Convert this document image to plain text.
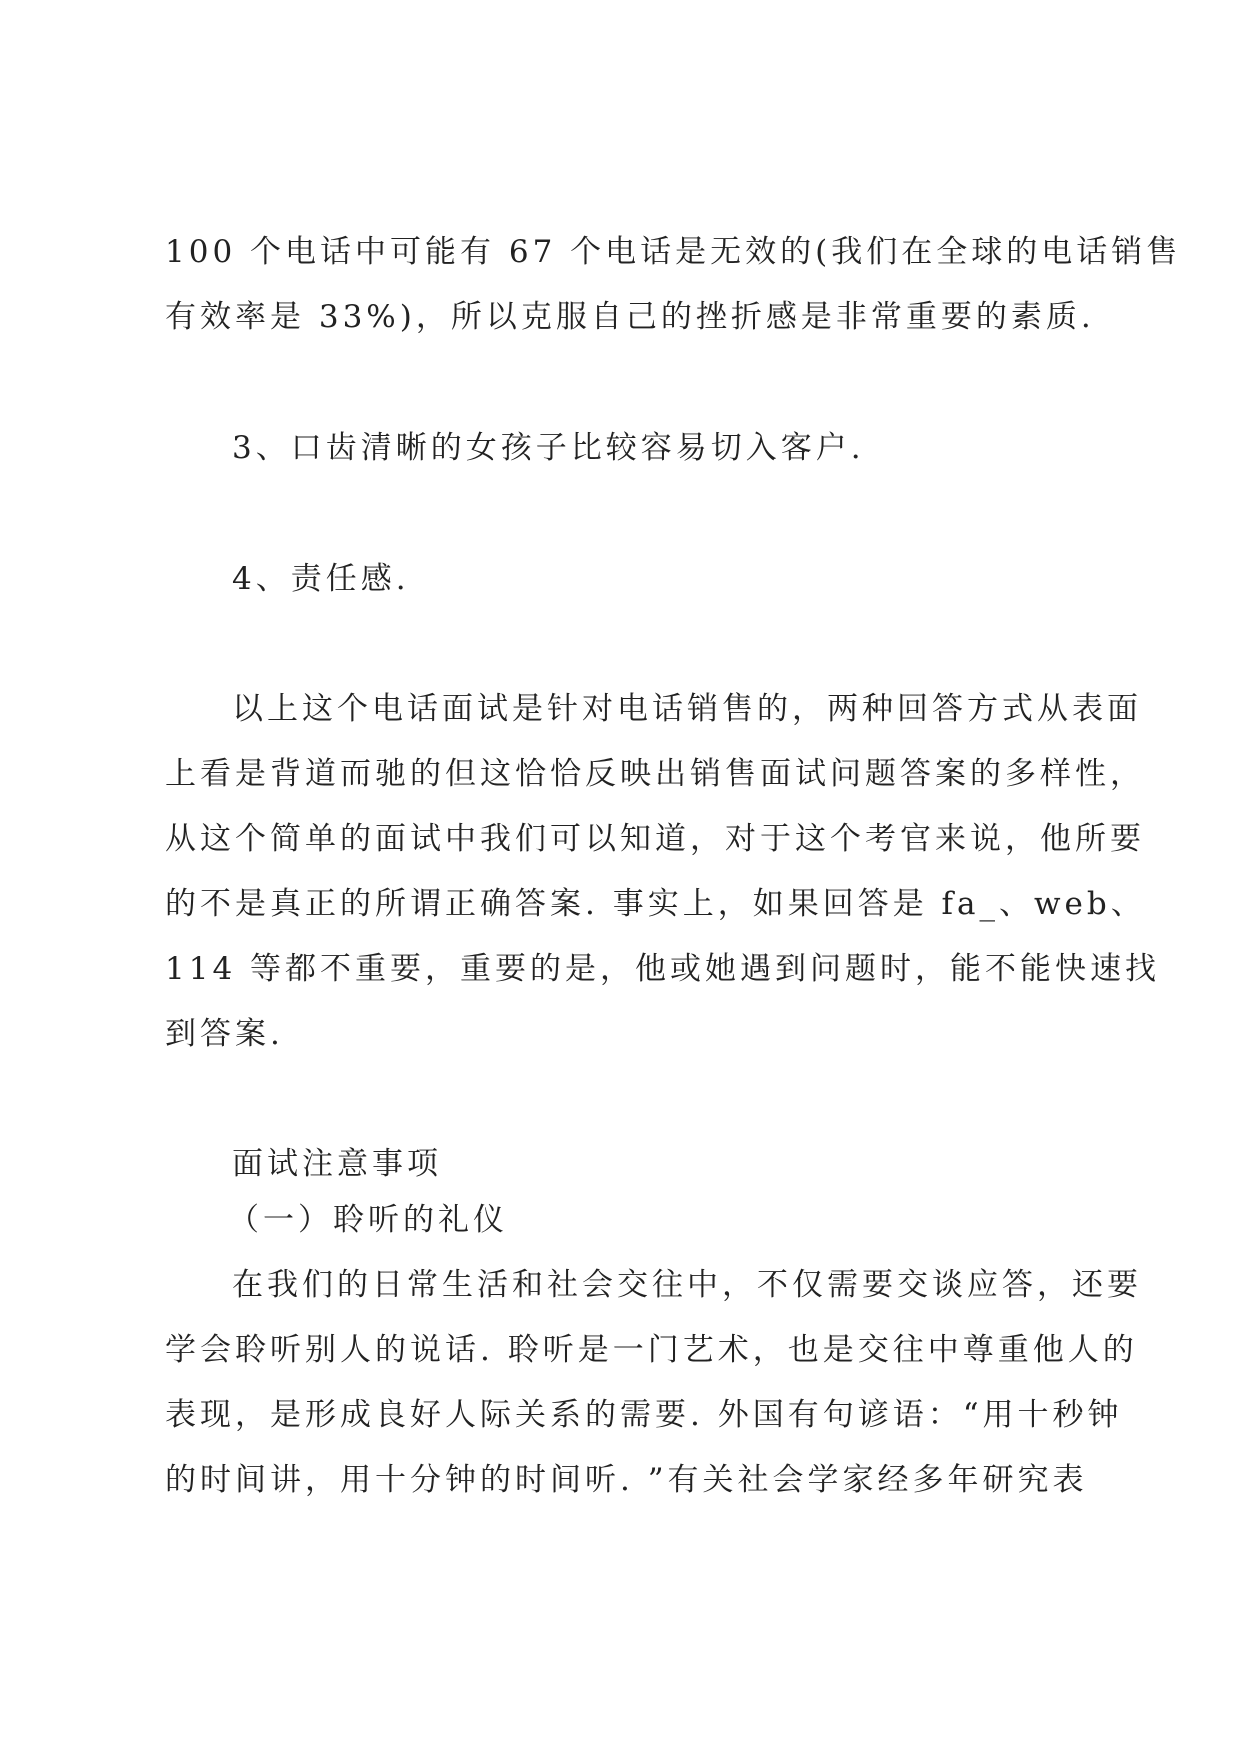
100 个电话中可能有 67 个电话是无效的(我们在全球的电话销售
有效率是 33%)，所以克服自己的挫折感是非常重要的素质.
3、口齿清晰的女孩子比较容易切入客户.
4、责任感.
以上这个电话面试是针对电话销售的，两种回答方式从表面
上看是背道而驰的但这恰恰反映出销售面试问题答案的多样性，
从这个简单的面试中我们可以知道，对于这个考官来说，他所要
的不是真正的所谓正确答案. 事实上，如果回答是 fa_、web、
114 等都不重要，重要的是，他或她遇到问题时，能不能快速找
到答案.
面试注意事项
（一）聆听的礼仪
在我们的日常生活和社会交往中，不仅需要交谈应答，还要
学会聆听别人的说话. 聆听是一门艺术，也是交往中尊重他人的
表现，是形成良好人际关系的需要. 外国有句谚语：“用十秒钟
的时间讲，用十分钟的时间听. ”有关社会学家经多年研究表
